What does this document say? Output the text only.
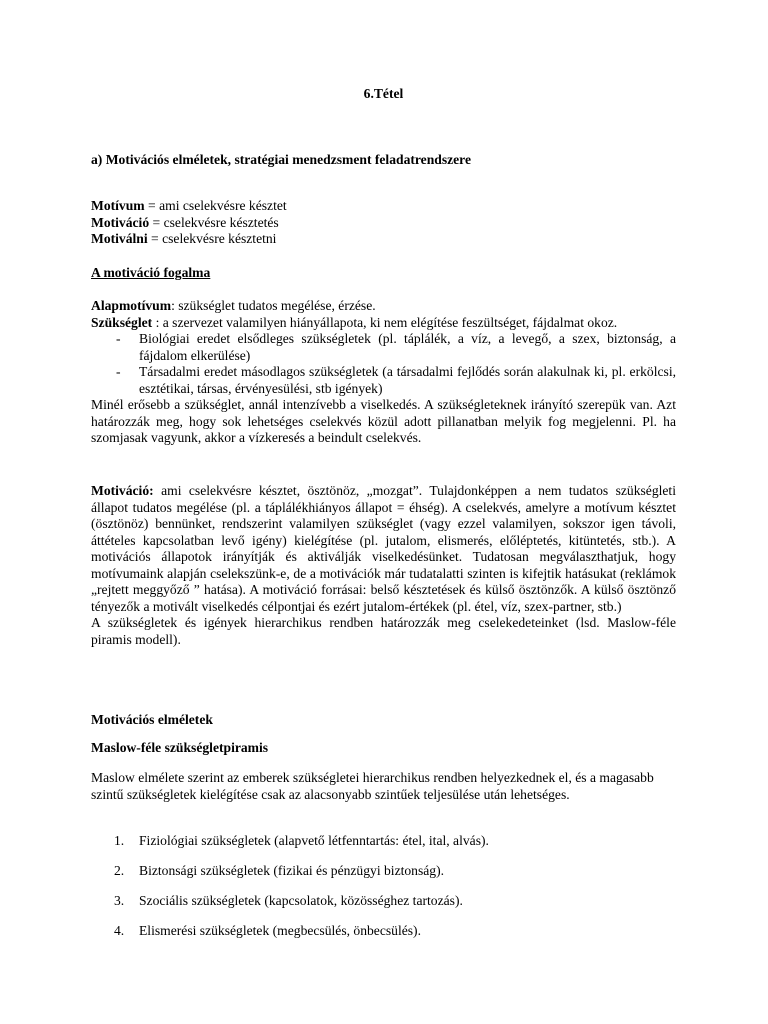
6.Tétel
a) Motivációs elméletek, stratégiai menedzsment feladatrendszere
Motívum = ami cselekvésre késztet
Motiváció = cselekvésre késztetés
Motiválni = cselekvésre késztetni
A motiváció fogalma
Alapmotívum: szükséglet tudatos megélése, érzése.
Szükséglet : a szervezet valamilyen hiányállapota, ki nem elégítése feszültséget, fájdalmat okoz.
- Biológiai eredet elsődleges szükségletek (pl. táplálék, a víz, a levegő, a szex, biztonság, a fájdalom elkerülése)
- Társadalmi eredet másodlagos szükségletek (a társadalmi fejlődés során alakulnak ki, pl. erkölcsi, esztétikai, társas, érvényesülési, stb igények)
Minél erősebb a szükséglet, annál intenzívebb a viselkedés. A szükségleteknek irányító szerepük van. Azt határozzák meg, hogy sok lehetséges cselekvés közül adott pillanatban melyik fog megjelenni. Pl. ha szomjasak vagyunk, akkor a vízkeresés a beindult cselekvés.
Motiváció: ami cselekvésre késztet, ösztönöz, „mozgat”. Tulajdonképpen a nem tudatos szükségleti állapot tudatos megélése (pl. a táplálékhiányos állapot = éhség). A cselekvés, amelyre a motívum késztet (ösztönöz) bennünket, rendszerint valamilyen szükséglet (vagy ezzel valamilyen, sokszor igen távoli, áttételes kapcsolatban levő igény) kielégítése (pl. jutalom, elismerés, előléptetés, kitüntetés, stb.). A motivációs állapotok irányítják és aktiválják viselkedésünket. Tudatosan megválaszthatjuk, hogy motívumaink alapján cselekszünk-e, de a motivációk már tudatalatti szinten is kifejtik hatásukat (reklámok „rejtett meggyőző ” hatása). A motiváció forrásai: belső késztetések és külső ösztönzők. A külső ösztönző tényezők a motivált viselkedés célpontjai és ezért jutalom-értékek (pl. étel, víz, szex-partner, stb.)
A szükségletek és igények hierarchikus rendben határozzák meg cselekedeteinket (lsd. Maslow-féle piramis modell).
Motivációs elméletek
Maslow-féle szükségletpiramis
Maslow elmélete szerint az emberek szükségletei hierarchikus rendben helyezkednek el, és a magasabb szintű szükségletek kielégítése csak az alacsonyabb szintűek teljesülése után lehetséges.
1. Fiziológiai szükségletek (alapvető létfenntartás: étel, ital, alvás).
2. Biztonsági szükségletek (fizikai és pénzügyi biztonság).
3. Szociális szükségletek (kapcsolatok, közösséghez tartozás).
4. Elismerési szükségletek (megbecsülés, önbecsülés).
